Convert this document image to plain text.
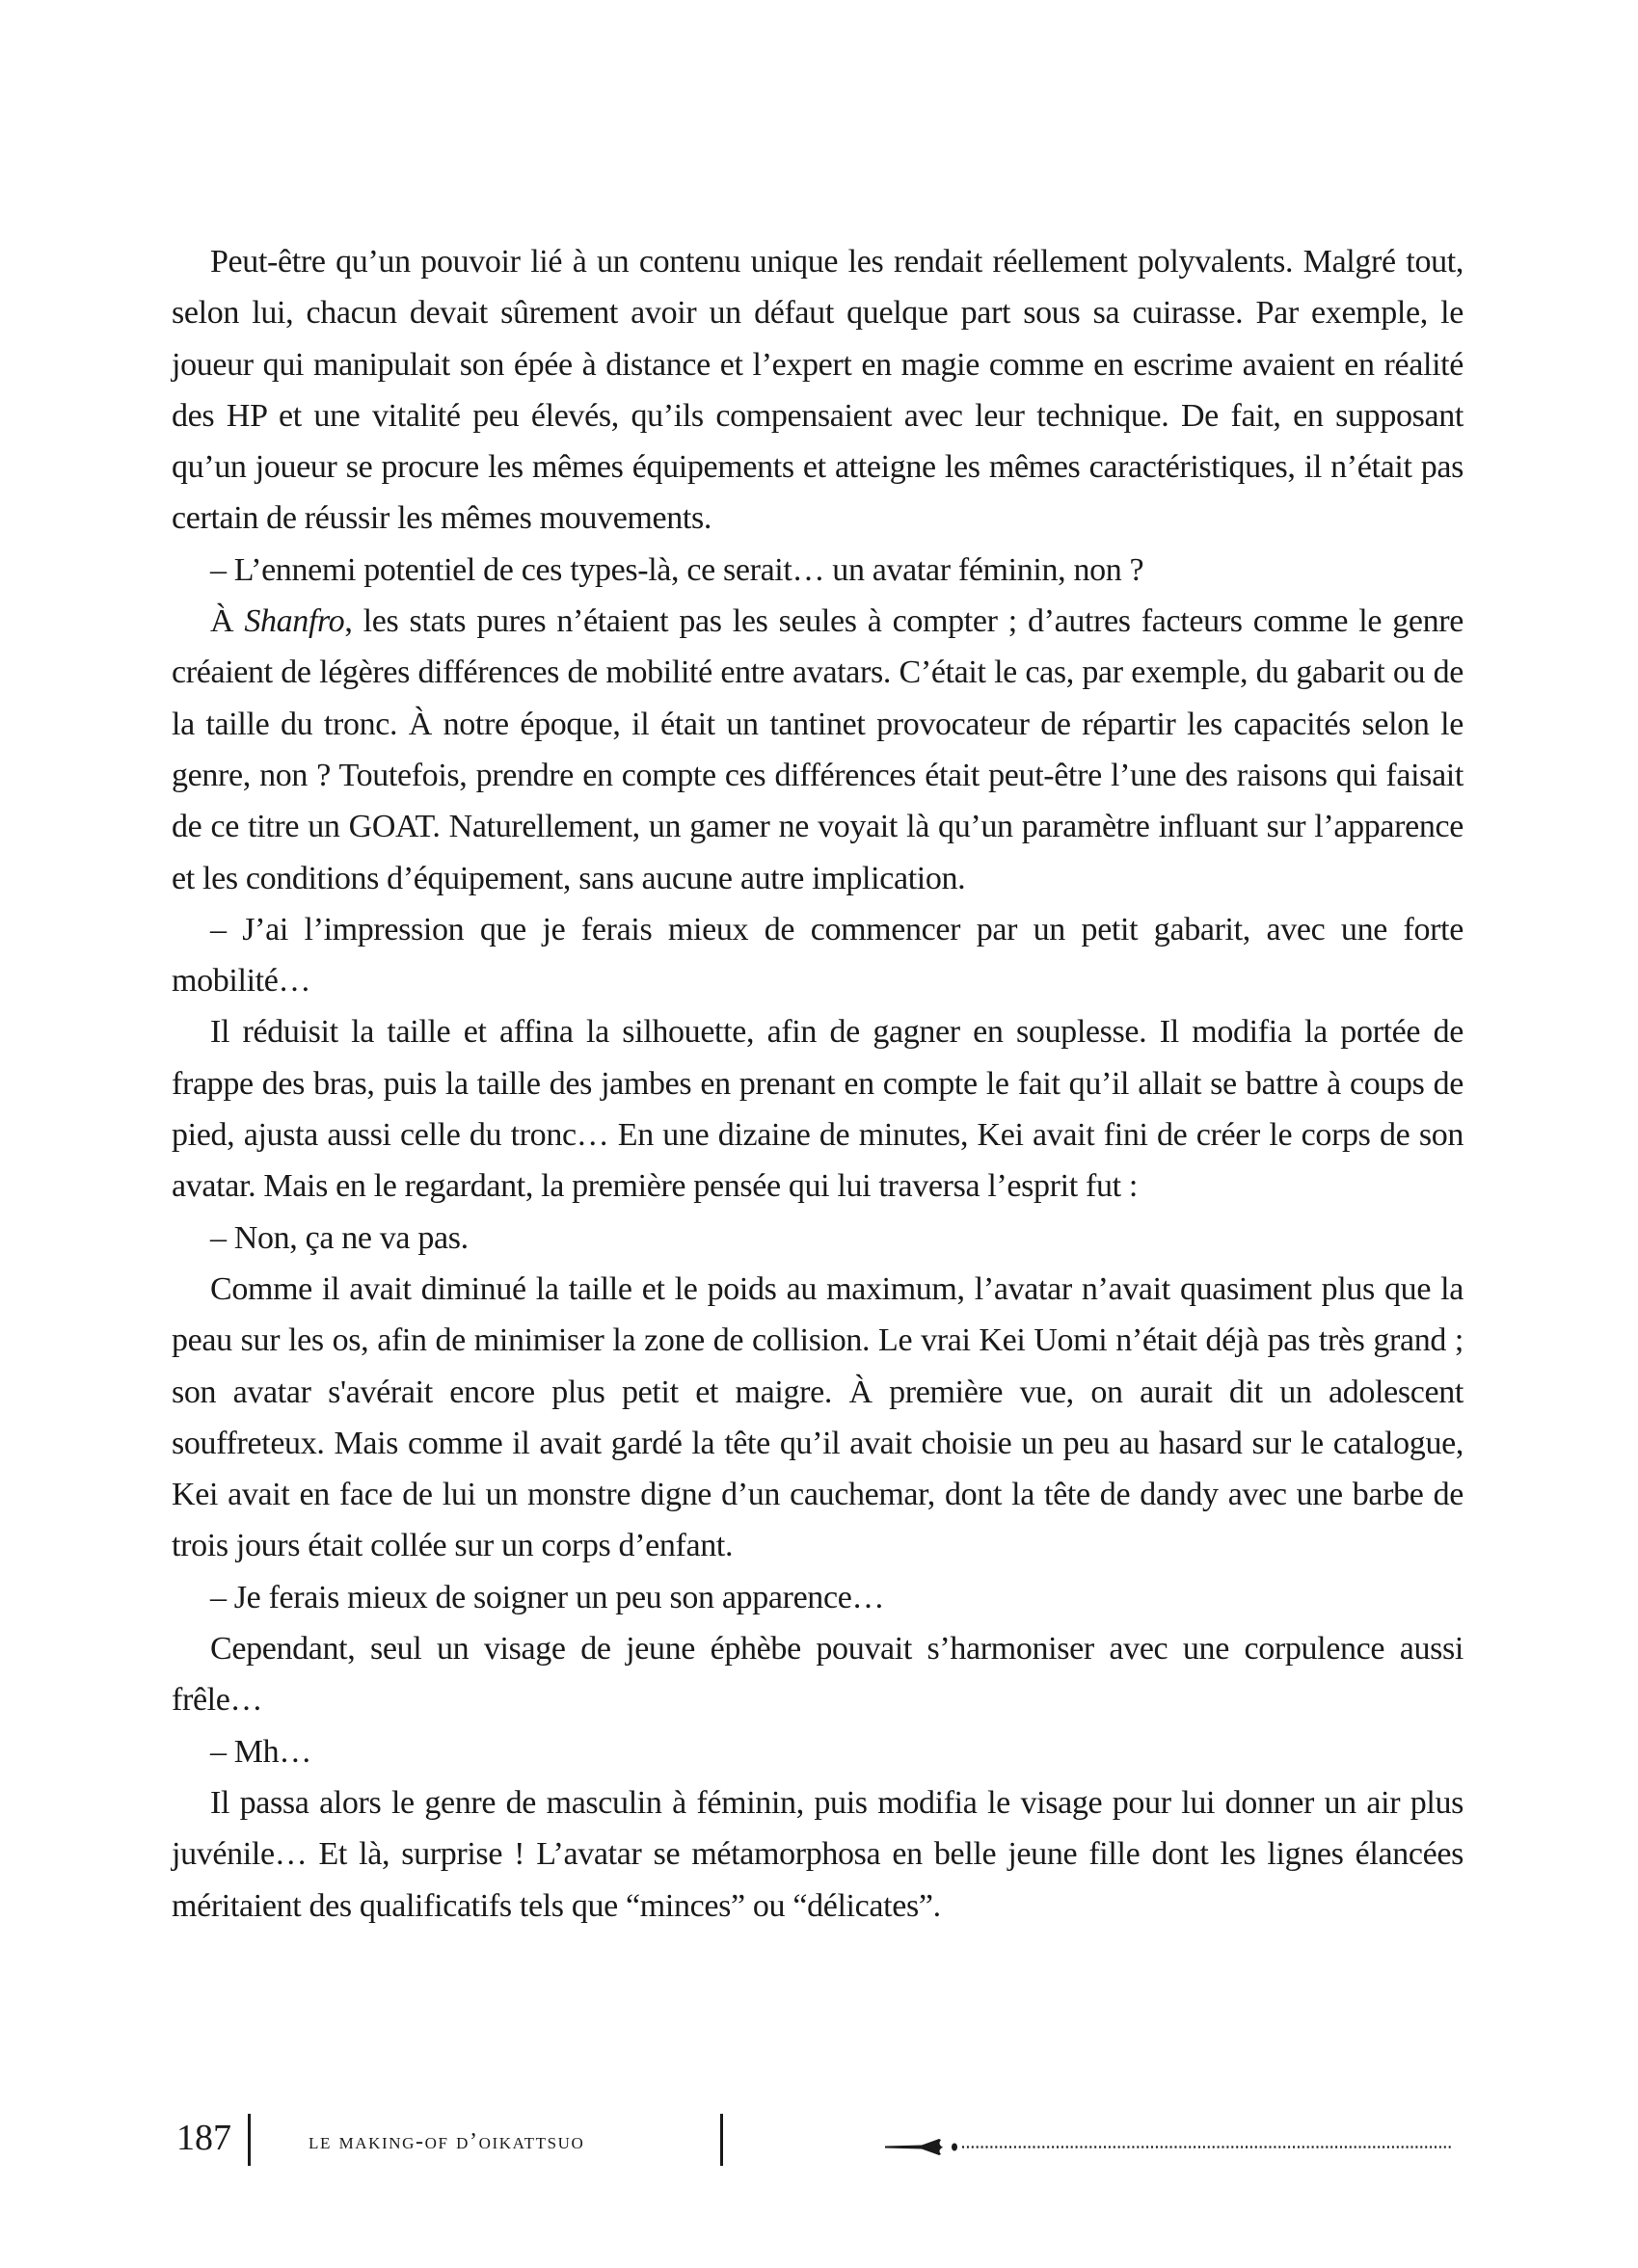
Peut-être qu’un pouvoir lié à un contenu unique les rendait réellement polyvalents. Malgré tout, selon lui, chacun devait sûrement avoir un défaut quelque part sous sa cuirasse. Par exemple, le joueur qui manipulait son épée à distance et l’expert en magie comme en escrime avaient en réalité des HP et une vitalité peu élevés, qu’ils compensaient avec leur technique. De fait, en supposant qu’un joueur se procure les mêmes équipements et atteigne les mêmes caractéristiques, il n’était pas certain de réussir les mêmes mouvements.

– L’ennemi potentiel de ces types-là, ce serait… un avatar féminin, non ?

À Shanfro, les stats pures n’étaient pas les seules à compter ; d’autres facteurs comme le genre créaient de légères différences de mobilité entre avatars. C’était le cas, par exemple, du gabarit ou de la taille du tronc. À notre époque, il était un tantinet provocateur de répartir les capacités selon le genre, non ? Toutefois, prendre en compte ces différences était peut-être l’une des raisons qui faisait de ce titre un GOAT. Naturellement, un gamer ne voyait là qu’un paramètre influant sur l’apparence et les conditions d’équipement, sans aucune autre implication.

– J’ai l’impression que je ferais mieux de commencer par un petit gabarit, avec une forte mobilité…

Il réduisit la taille et affina la silhouette, afin de gagner en souplesse. Il modifia la portée de frappe des bras, puis la taille des jambes en prenant en compte le fait qu’il allait se battre à coups de pied, ajusta aussi celle du tronc… En une dizaine de minutes, Kei avait fini de créer le corps de son avatar. Mais en le regardant, la première pensée qui lui traversa l’esprit fut :

– Non, ça ne va pas.

Comme il avait diminué la taille et le poids au maximum, l’avatar n’avait quasiment plus que la peau sur les os, afin de minimiser la zone de collision. Le vrai Kei Uomi n’était déjà pas très grand ; son avatar s'avérait encore plus petit et maigre. À première vue, on aurait dit un adolescent souffreteux. Mais comme il avait gardé la tête qu’il avait choisie un peu au hasard sur le catalogue, Kei avait en face de lui un monstre digne d’un cauchemar, dont la tête de dandy avec une barbe de trois jours était collée sur un corps d’enfant.

– Je ferais mieux de soigner un peu son apparence…

Cependant, seul un visage de jeune éphèbe pouvait s’harmoniser avec une corpulence aussi frêle…

– Mh…

Il passa alors le genre de masculin à féminin, puis modifia le visage pour lui donner un air plus juvénile… Et là, surprise ! L’avatar se métamorphosa en belle jeune fille dont les lignes élancées méritaient des qualificatifs tels que “minces” ou “délicates”.

187	le making-of d’oikattsuo
